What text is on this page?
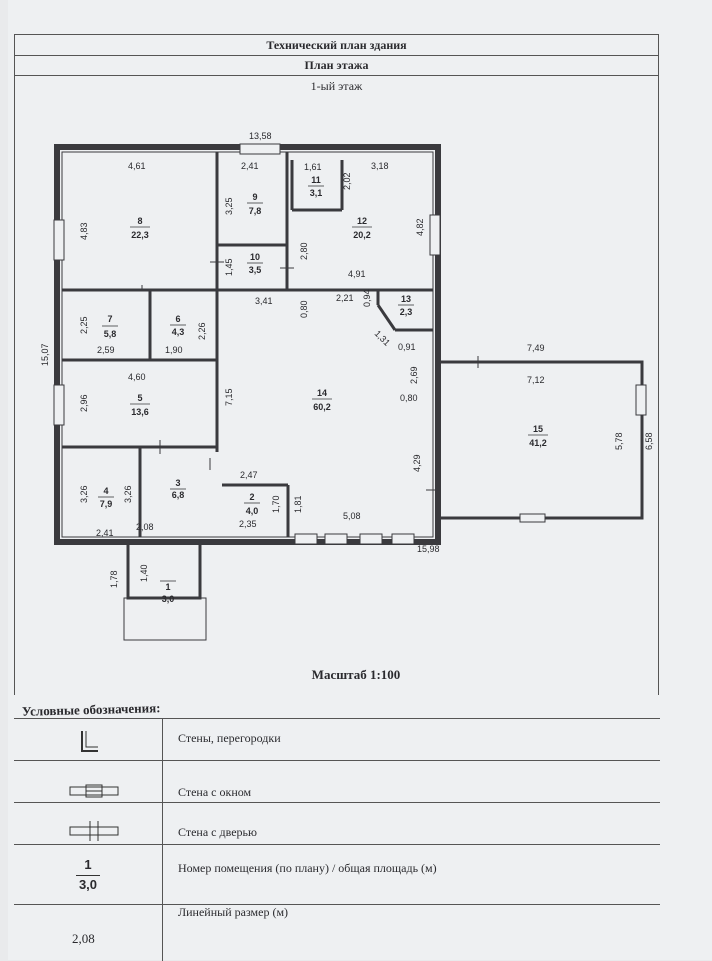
Технический план здания
План этажа
1-ый этаж
1
3,0
2
4,0
3
6,8
4
7,9
5
13,6
6
4,3
7
5,8
8
22,3
9
7,8
10
3,5
11
3,1
12
20,2
13
2,3
14
60,2
15
41,2
13,58
4,61	2,41	1,61	3,18
3,25
2,02
4,83	4,82
2,80
1,45	4,91
3,41	0,80
2,21 0,94
1,31 0,91
2,25	2,26
2,59	1,90
15,07
4,60
7,15
2,69
0,80
7,49
7,12
2,96
5,78 6,58
4,29
2,47
3,26	3,26
1,70 1,81
2,35
5,08
2,41
2,08
15,98
1,78 1,40
Масштаб 1:100
Условные обозначения:
Стены, перегородки
Стена с окном
Стена с дверью
1
3,0
Номер помещения (по плану) / общая площадь (м)
2,08
Линейный размер (м)
